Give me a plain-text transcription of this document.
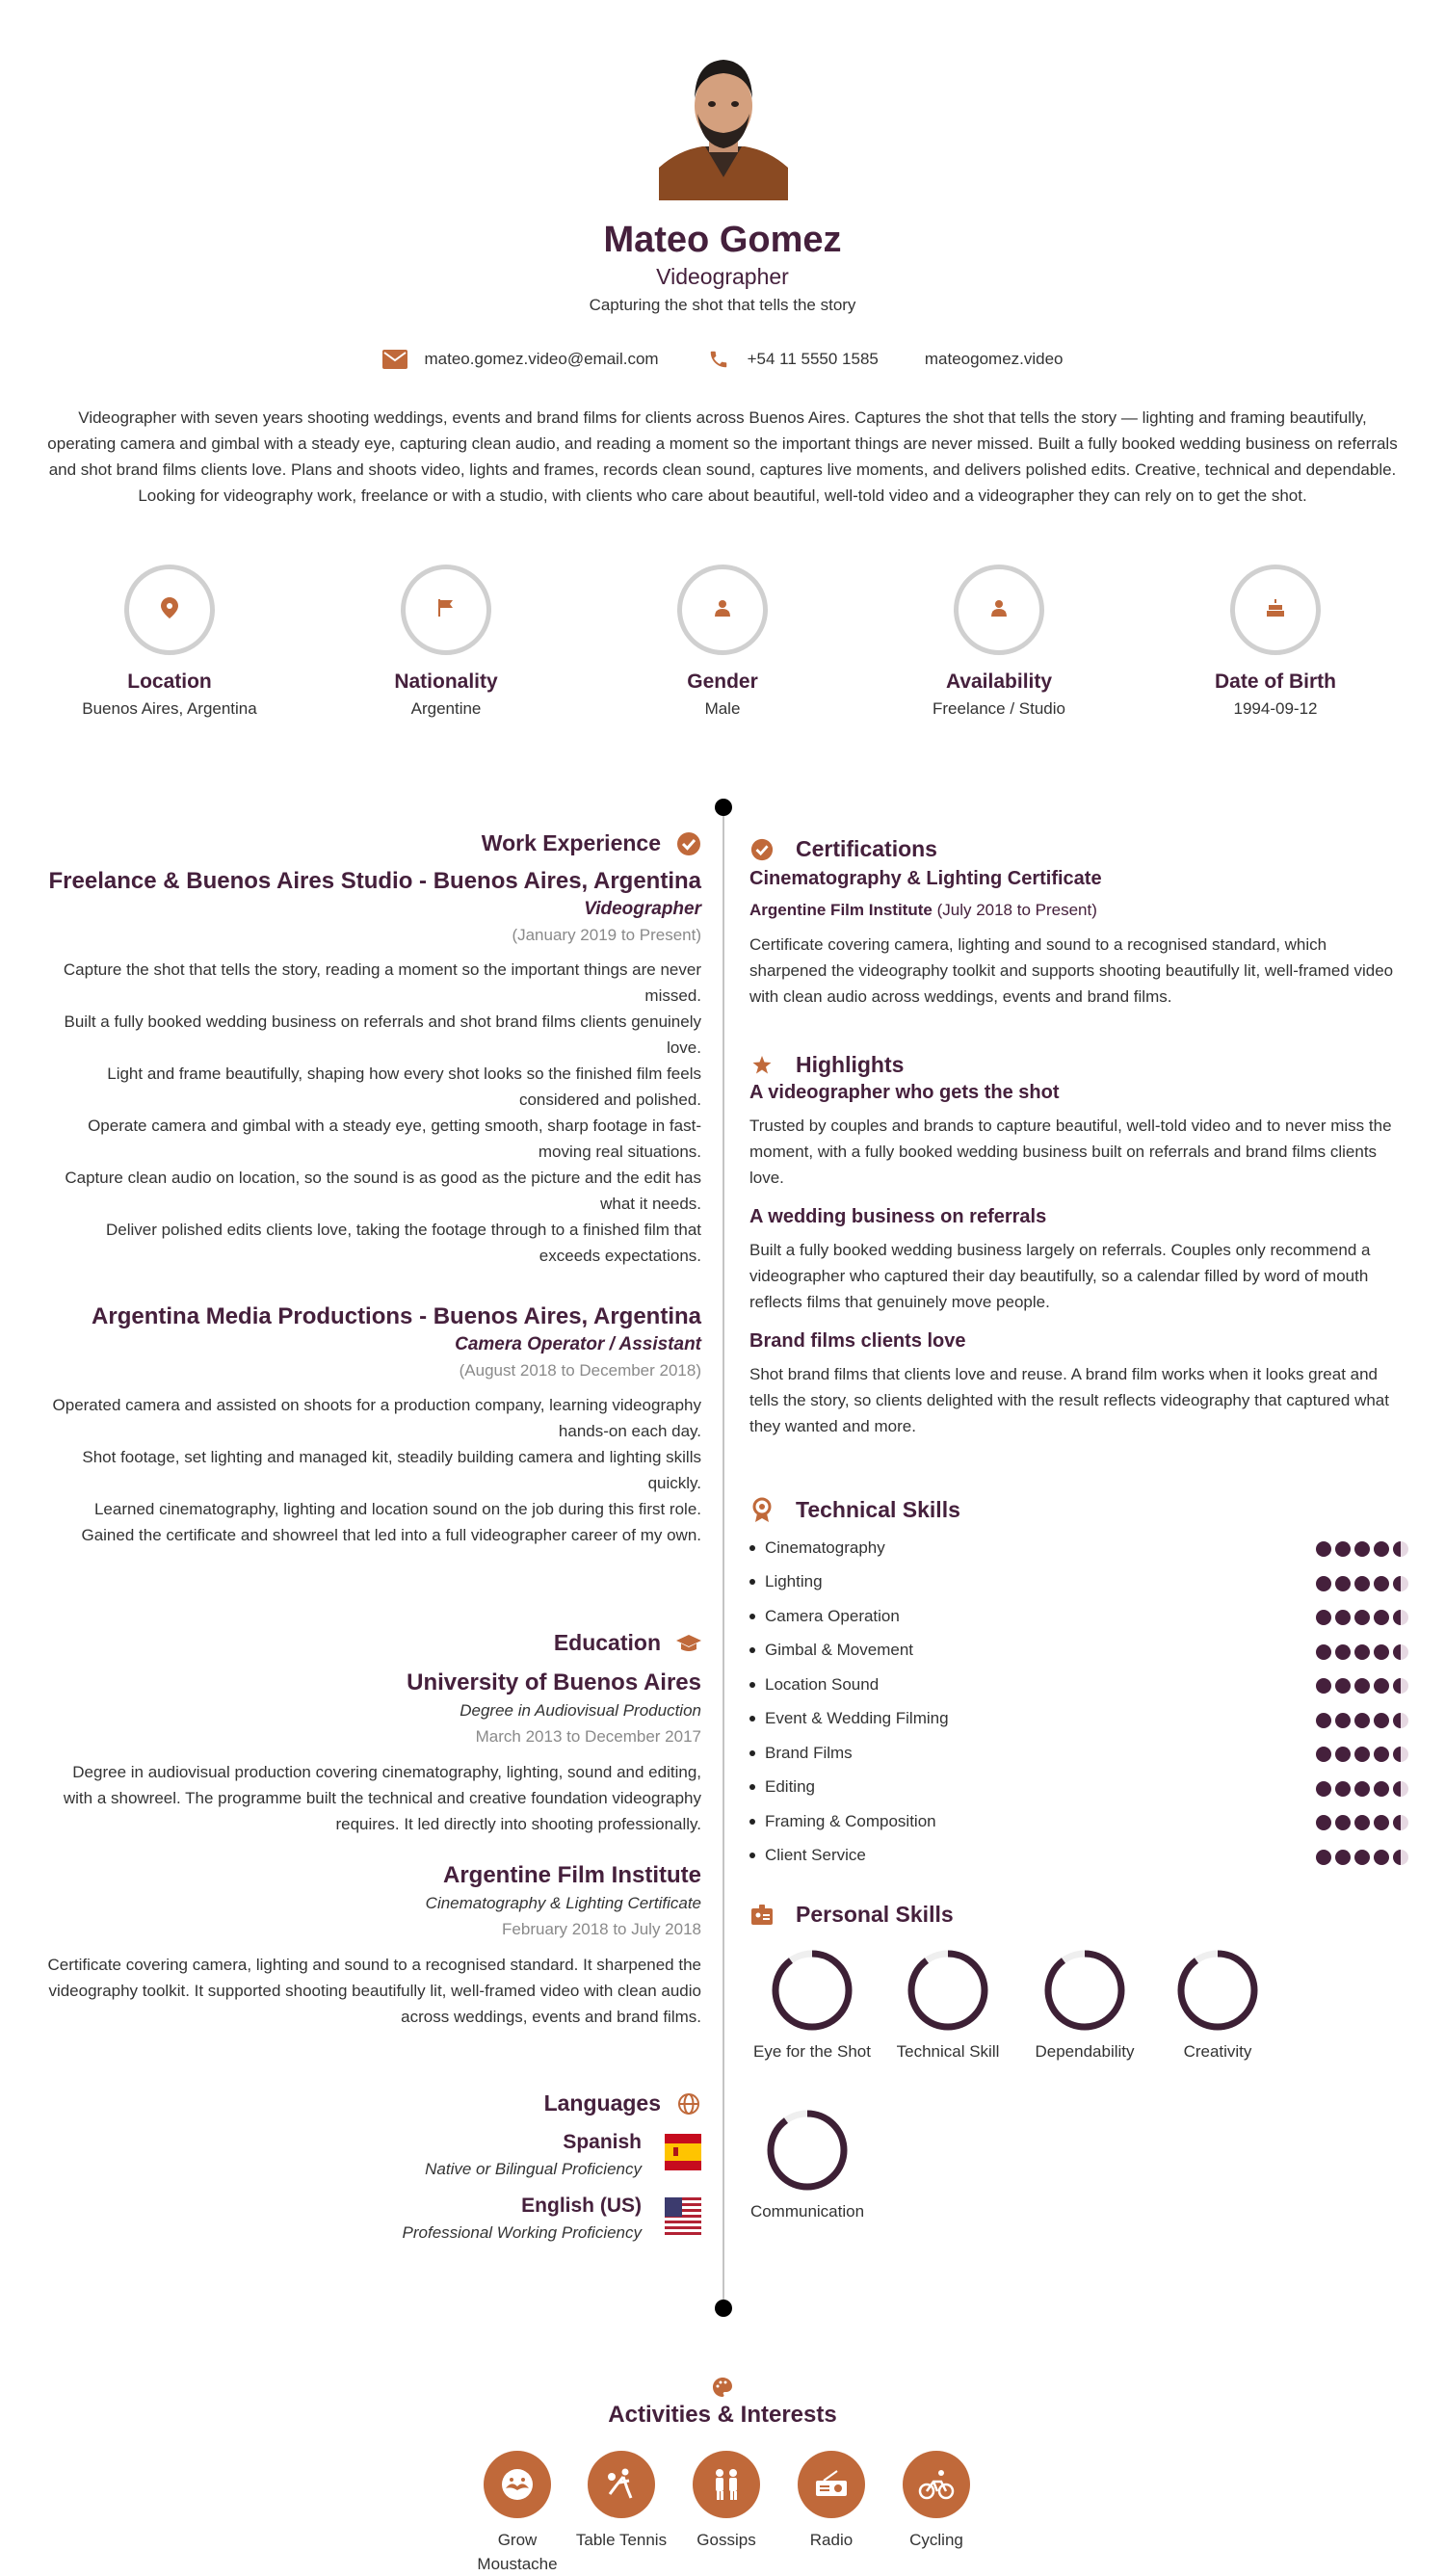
Mateo Gomez
Videographer
Capturing the shot that tells the story
mateo.gomez.video@email.com	+54 11 5550 1585	mateogomez.video
Videographer with seven years shooting weddings, events and brand films for clients across Buenos Aires. Captures the shot that tells the story — lighting and framing beautifully, operating camera and gimbal with a steady eye, capturing clean audio, and reading a moment so the important things are never missed. Built a fully booked wedding business on referrals and shot brand films clients love. Plans and shoots video, lights and frames, records clean sound, captures live moments, and delivers polished edits. Creative, technical and dependable. Looking for videography work, freelance or with a studio, with clients who care about beautiful, well-told video and a videographer they can rely on to get the shot.
Location
Buenos Aires, Argentina
Nationality
Argentine
Gender
Male
Availability
Freelance / Studio
Date of Birth
1994-09-12
Work Experience
Freelance & Buenos Aires Studio - Buenos Aires, Argentina
Videographer
(January 2019 to Present)
Capture the shot that tells the story, reading a moment so the important things are never missed.
Built a fully booked wedding business on referrals and shot brand films clients genuinely love.
Light and frame beautifully, shaping how every shot looks so the finished film feels considered and polished.
Operate camera and gimbal with a steady eye, getting smooth, sharp footage in fast-moving real situations.
Capture clean audio on location, so the sound is as good as the picture and the edit has what it needs.
Deliver polished edits clients love, taking the footage through to a finished film that exceeds expectations.
Argentina Media Productions - Buenos Aires, Argentina
Camera Operator / Assistant
(August 2018 to December 2018)
Operated camera and assisted on shoots for a production company, learning videography hands-on each day.
Shot footage, set lighting and managed kit, steadily building camera and lighting skills quickly.
Learned cinematography, lighting and location sound on the job during this first role.
Gained the certificate and showreel that led into a full videographer career of my own.
Education
University of Buenos Aires
Degree in Audiovisual Production
March 2013 to December 2017
Degree in audiovisual production covering cinematography, lighting, sound and editing, with a showreel. The programme built the technical and creative foundation videography requires. It led directly into shooting professionally.
Argentine Film Institute
Cinematography & Lighting Certificate
February 2018 to July 2018
Certificate covering camera, lighting and sound to a recognised standard. It sharpened the videography toolkit. It supported shooting beautifully lit, well-framed video with clean audio across weddings, events and brand films.
Languages
Spanish
Native or Bilingual Proficiency
English (US)
Professional Working Proficiency
Certifications
Cinematography & Lighting Certificate
Argentine Film Institute (July 2018 to Present)
Certificate covering camera, lighting and sound to a recognised standard, which sharpened the videography toolkit and supports shooting beautifully lit, well-framed video with clean audio across weddings, events and brand films.
Highlights
A videographer who gets the shot
Trusted by couples and brands to capture beautiful, well-told video and to never miss the moment, with a fully booked wedding business built on referrals and brand films clients love.
A wedding business on referrals
Built a fully booked wedding business largely on referrals. Couples only recommend a videographer who captured their day beautifully, so a calendar filled by word of mouth reflects films that genuinely move people.
Brand films clients love
Shot brand films that clients love and reuse. A brand film works when it looks great and tells the story, so clients delighted with the result reflects videography that captured what they wanted and more.
Technical Skills
Cinematography
Lighting
Camera Operation
Gimbal & Movement
Location Sound
Event & Wedding Filming
Brand Films
Editing
Framing & Composition
Client Service
Personal Skills
Eye for the Shot	Technical Skill	Dependability	Creativity
Communication
Activities & Interests
Grow Moustache
Table Tennis	Gossips	Radio	Cycling
